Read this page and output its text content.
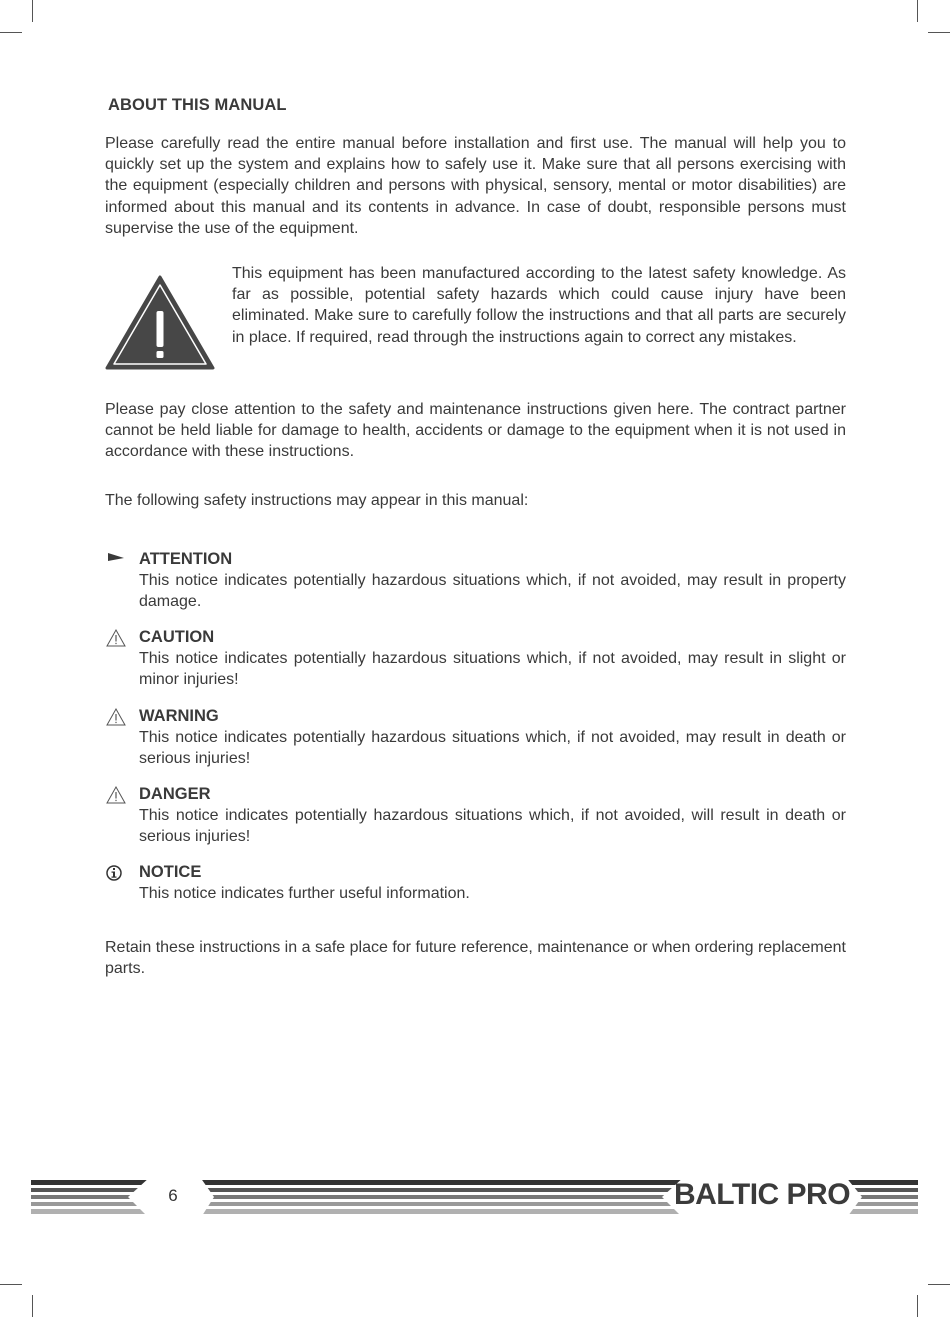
ABOUT THIS MANUAL

Please carefully read the entire manual before installation and first use. The manual will help you to quickly set up the system and explains how to safely use it. Make sure that all persons exercising with the equipment (especially children and persons with physical, sensory, mental or motor disabilities) are informed about this manual and its contents in advance. In case of doubt, responsible persons must supervise the use of the equipment.

This equipment has been manufactured according to the latest safety knowledge. As far as possible, potential safety hazards which could cause injury have been eliminated. Make sure to carefully follow the instructions and that all parts are securely in place. If required, read through the instructions again to correct any mistakes.

Please pay close attention to the safety and maintenance instructions given here. The contract partner cannot be held liable for damage to health, accidents or damage to the equipment when it is not used in accordance with these instructions.

The following safety instructions may appear in this manual:

ATTENTION
This notice indicates potentially hazardous situations which, if not avoided, may result in property damage.
CAUTION
This notice indicates potentially hazardous situations which, if not avoided, may result in slight or minor injuries!
WARNING
This notice indicates potentially hazardous situations which, if not avoided, may result in death or serious injuries!
DANGER
This notice indicates potentially hazardous situations which, if not avoided, will result in death or serious injuries!
NOTICE
This notice indicates further useful information.

Retain these instructions in a safe place for future reference, maintenance or when ordering replacement parts.

6	BALTIC PRO
